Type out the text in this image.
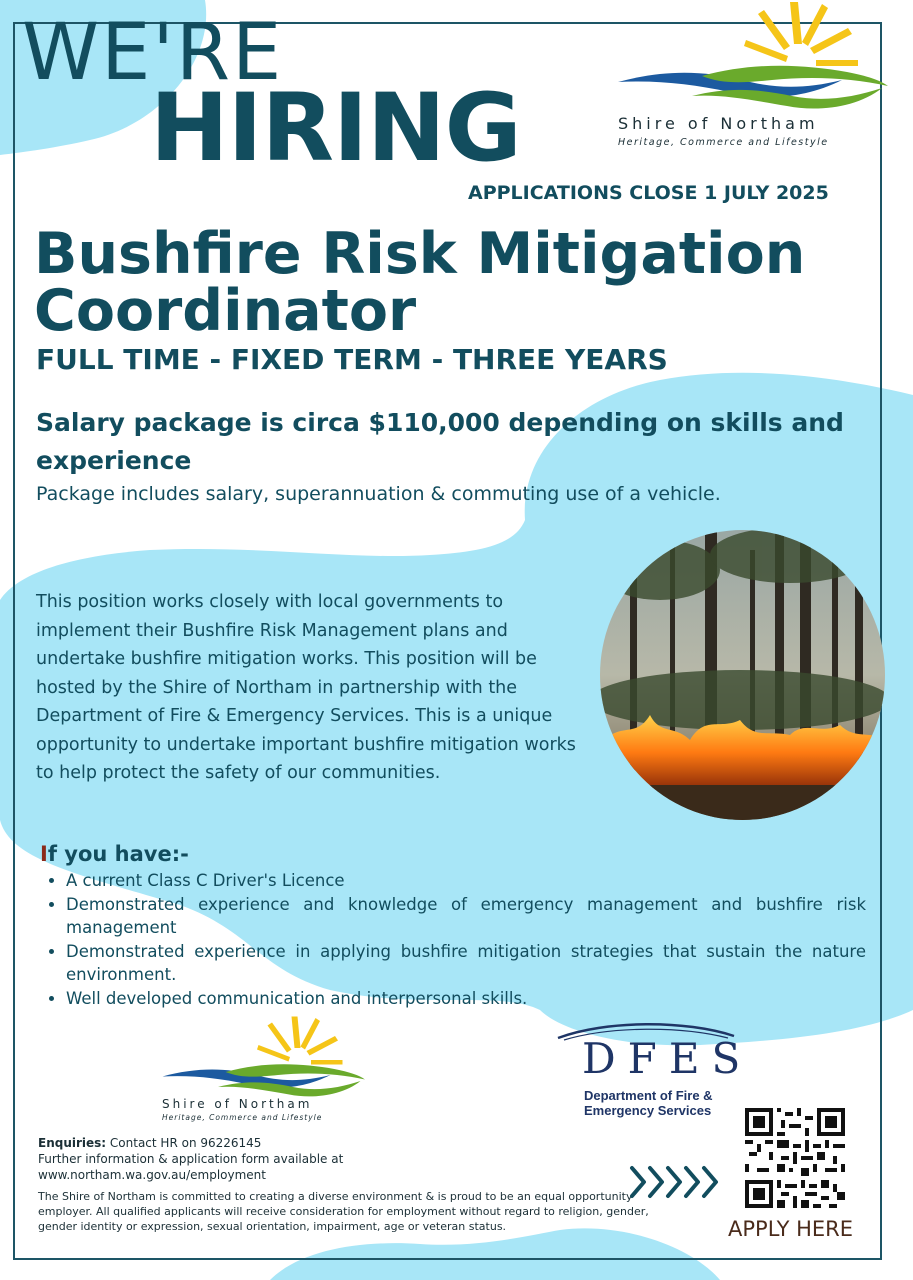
WE'RE
HIRING	Shire of Northam
Heritage, Commerce and Lifestyle
APPLICATIONS CLOSE 1 JULY 2025
Bushfire Risk Mitigation
Coordinator
FULL TIME - FIXED TERM - THREE YEARS
Salary package is circa $110,000 depending on skills and experience
Package includes salary, superannuation & commuting use of a vehicle.
This position works closely with local governments to implement their Bushfire Risk Management plans and undertake bushfire mitigation works. This position will be hosted by the Shire of Northam in partnership with the Department of Fire & Emergency Services. This is a unique opportunity to undertake important bushfire mitigation works to help protect the safety of our communities.
If you have:-
• A current Class C Driver's Licence
• Demonstrated experience and knowledge of emergency management and bushfire risk management
• Demonstrated experience in applying bushfire mitigation strategies that sustain the nature environment.
• Well developed communication and interpersonal skills.
Shire of Northam
Heritage, Commerce and Lifestyle
DFES
Department of Fire &
Emergency Services

Enquiries: Contact HR on 96226145

Further information & application form available at

www.northam.wa.gov.au/employment

The Shire of Northam is committed to creating a diverse environment & is proud to be an equal opportunity employer. All qualified applicants will receive consideration for employment without regard to religion, gender, gender identity or expression, sexual orientation, impairment, age or veteran status.	APPLY HERE
